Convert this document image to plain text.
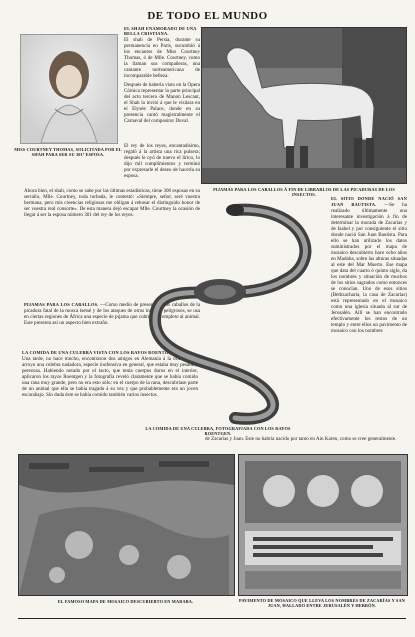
DE TODO EL MUNDO
MISS COURTNEY THOMAS, SOLICITADA POR EL SHAH PARA SER SU 301ª ESPOSA.
EL SHAH ENAMORADO DE UNA BELLA CRISTIANA.
El shah de Persia, durante su permanencia en París, sucumbió á los encantos de Miss Courtney Thomas, ó de Mlle. Courtney, como la llaman sus compañeras, una cantante norteamericana de incomparable belleza.
Después de haberla visto en la Ópera Cómica representar la parte principal del acto tercero de Manon Lescaut, el Shah la invitó á que le visitara en el Elysée Palace, donde en su presencia cantó magistralmente el Carnaval del compositor Duval.
El rey de los reyes, encantadísimo, regaló á la artista una rica pulsera; después le oyó de nuevo el lírico, lo dijo mil cumplimientos y terminó por expresarle el deseo de hacerla su esposa.
PIJAMAS PARA LOS CABALLOS Á FIN DE LIBRARLOS DE LAS PICADURAS DE LOS INSECTOS.
Ahora bien, el shah, como se sabe por las últimas estadísticas, tiene 300 esposas en su serrallo, Mlle. Courtney, toda turbada, le contestó: «Siempre, señor, seré vuestra hermana, pero mis creencias religiosas me obligan á rehusar el distinguido honor de ser vuestra real consorte». De esta manera dejó escapar Mlle. Courtney la ocasión de llegar á ser la esposa número 301 del rey de los reyes.
PIJAMAS PARA LOS CABALLOS. —Como medio de preservar á los caballos de la picadura fatal de la mosca tsetsé y de los ataques de otros insectos peligrosos, se usa en ciertas regiones de África una especie de pijama que cubre por completo al animal. Este presenta así un aspecto bien extraño.
LA COMIDA DE UNA CULEBRA VISTA CON LOS RAYOS ROENTGEN.
Una tarde, no hace mucho, encontraron dos amigos en Alemania á la orilla de un arroyo una culebra nadadora, especie inofensiva en general, que estaba muy pesada y perezosa. Habiendo notado por el tacto, que tenía cuerpos duros en el interior, aplicaron los rayos Roentgen y la fotografía reveló claramente que se había comido una rana muy grande, pero no era esto sólo: en el cuerpo de la rana, descubríase parte de un animal que ella se había tragado á su vez y que probablemente era un joven escarabajo. Sin duda éste se había comido también varios insectos.
LA COMIDA DE UNA CULEBRA, FOTOGRAFIADA CON LOS RAYOS ROENTGEN.
EL SITIO DONDE NACIÓ SAN JUAN BAUTISTA. —Se ha realizado últimamente una interesante investigación á fin de determinar la morada de Zacarías y de Isabel y por consiguiente el sitio donde nació San Juan Bautista. Para ello se han utilizado los datos suministrados por el mapa de mosaico descubierto hace ocho años en Madaba, sobre las alturas situadas al este del Mar Muerto. Ese mapa que data del cuarto ó quinto siglo, da los nombres y situación de muchos de los sitios sagrados como entonces se conocían. Uno de esos sitios (Bethzacharia, la casa de Zacarías) está representado en el mosaico como una iglesia situada al sur de Jerusalén. Allí se han encontrado efectivamente los restos de un templo y entre ellos un pavimento de mosaico con los nombres
de Zacarías y Juan. Este no habría nacido por tanto en Ain Karen, como se cree generalmente.
EL FAMOSO MAPA DE MOSAICO DESCUBIERTO EN MADABA.	PAVIMENTO DE MOSAICO QUE LLEVA LOS NOMBRES DE ZACARÍAS Y SAN JUAN, HALLADO ENTRE JERUSALÉN Y HEBRÓN.
